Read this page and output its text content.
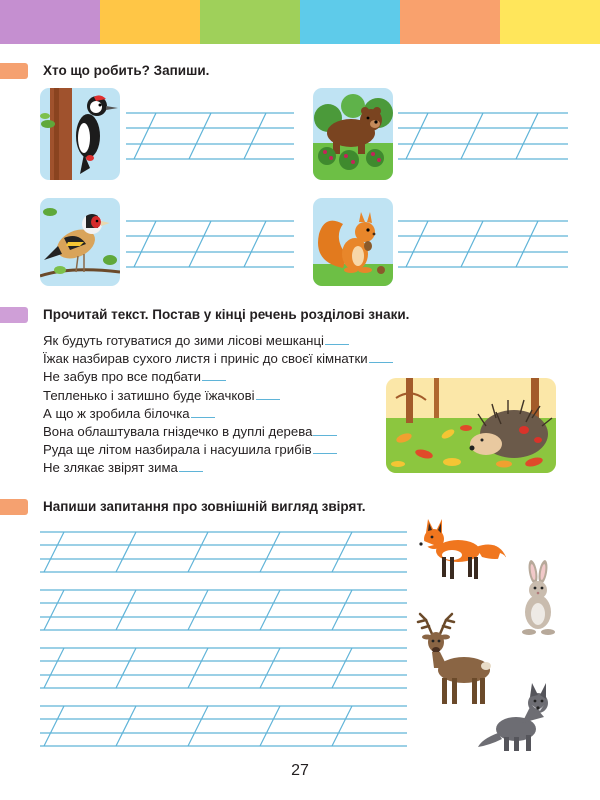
Хто що робить? Запиши.
Прочитай текст. Постав у кінці речень розділові знаки.
Як будуть готуватися до зими лісові мешканці
Їжак назбирав сухого листя і приніс до своєї кімнатки
Не забув про все подбати
Тепленько і затишно буде їжачкові
А що ж зробила білочка
Вона облаштувала гніздечко в дуплі дерева
Руда ще літом назбирала і насушила грибів
Не злякає звірят зима
Напиши запитання про зовнішній вигляд звірят.
27
